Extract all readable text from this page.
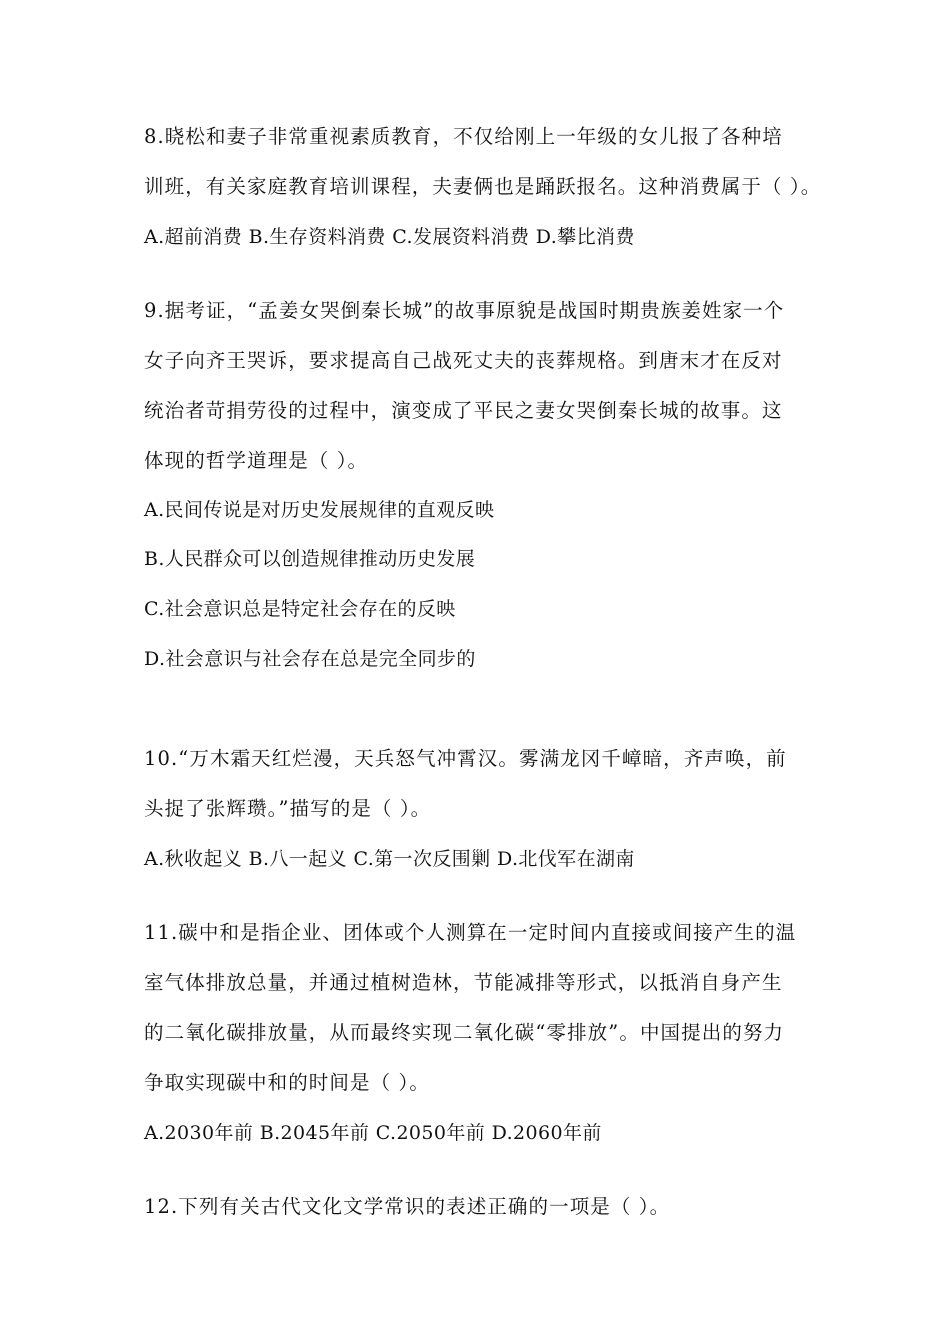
8.晓松和妻子非常重视素质教育，不仅给刚上一年级的女儿报了各种培
训班，有关家庭教育培训课程，夫妻俩也是踊跃报名。这种消费属于（ ）。
A.超前消费 B.生存资料消费 C.发展资料消费 D.攀比消费
9.据考证，“孟姜女哭倒秦长城”的故事原貌是战国时期贵族姜姓家一个
女子向齐王哭诉，要求提高自己战死丈夫的丧葬规格。到唐末才在反对
统治者苛捐劳役的过程中，演变成了平民之妻女哭倒秦长城的故事。这
体现的哲学道理是（ ）。
A.民间传说是对历史发展规律的直观反映
B.人民群众可以创造规律推动历史发展
C.社会意识总是特定社会存在的反映
D.社会意识与社会存在总是完全同步的
10.“万木霜天红烂漫，天兵怒气冲霄汉。雾满龙冈千嶂暗，齐声唤，前
头捉了张辉瓒。”描写的是（ ）。
A.秋收起义 B.八一起义 C.第一次反围剿 D.北伐军在湖南
11.碳中和是指企业、团体或个人测算在一定时间内直接或间接产生的温
室气体排放总量，并通过植树造林，节能减排等形式，以抵消自身产生
的二氧化碳排放量，从而最终实现二氧化碳“零排放”。中国提出的努力
争取实现碳中和的时间是（ ）。
A.2030年前 B.2045年前 C.2050年前 D.2060年前
12.下列有关古代文化文学常识的表述正确的一项是（ ）。
